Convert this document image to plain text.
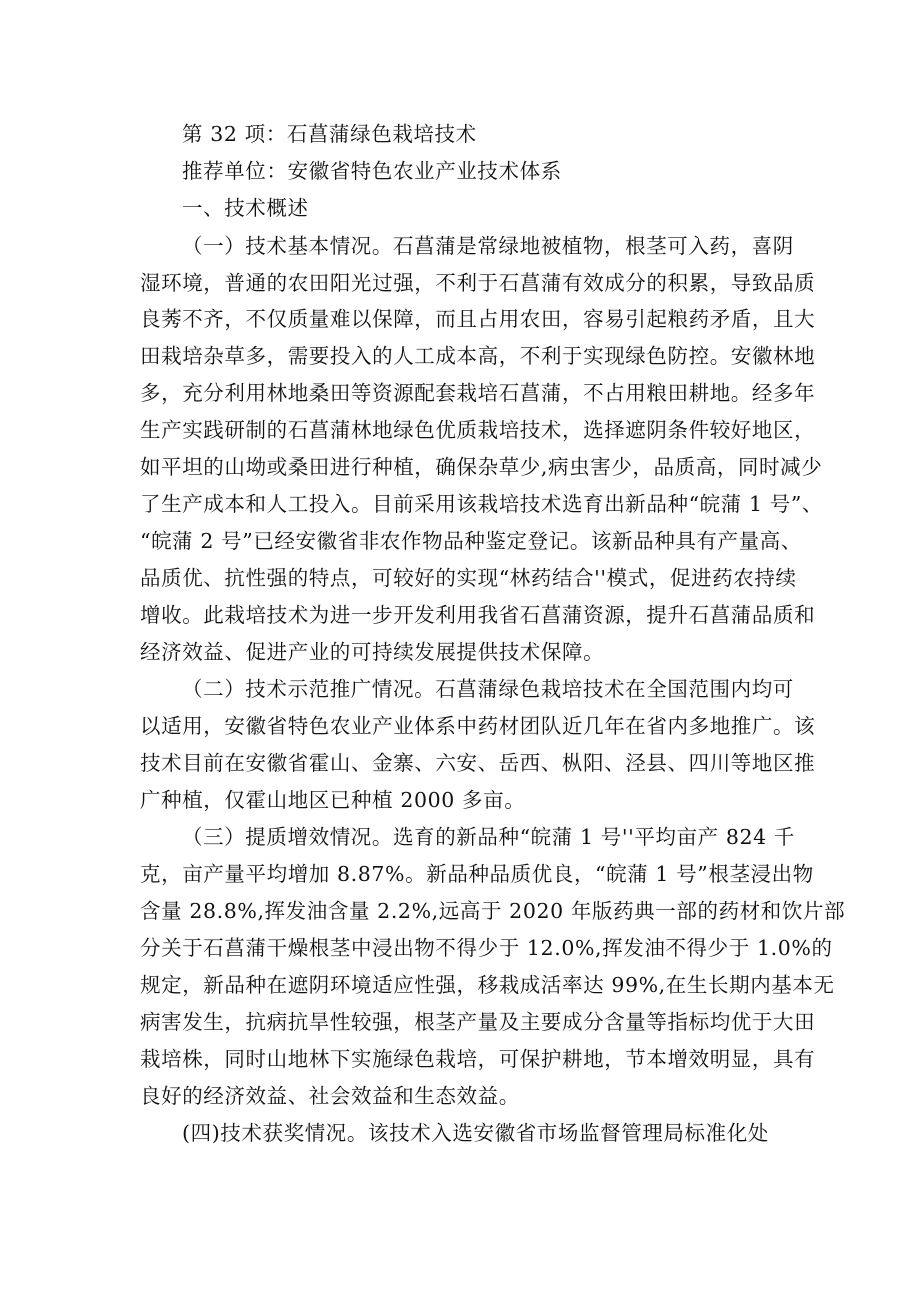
第 32 项：石菖蒲绿色栽培技术
推荐单位：安徽省特色农业产业技术体系
一、技术概述
（一）技术基本情况。石菖蒲是常绿地被植物，根茎可入药，喜阴
湿环境，普通的农田阳光过强，不利于石菖蒲有效成分的积累，导致品质
良莠不齐，不仅质量难以保障，而且占用农田，容易引起粮药矛盾，且大
田栽培杂草多，需要投入的人工成本高，不利于实现绿色防控。安徽林地
多，充分利用林地桑田等资源配套栽培石菖蒲，不占用粮田耕地。经多年
生产实践研制的石菖蒲林地绿色优质栽培技术，选择遮阴条件较好地区，
如平坦的山坳或桑田进行种植，确保杂草少,病虫害少，品质高，同时减少
了生产成本和人工投入。目前采用该栽培技术选育出新品种“皖蒲 1 号”、
“皖蒲 2 号”已经安徽省非农作物品种鉴定登记。该新品种具有产量高、
品质优、抗性强的特点，可较好的实现“林药结合''模式，促进药农持续
增收。此栽培技术为进一步开发利用我省石菖蒲资源，提升石菖蒲品质和
经济效益、促进产业的可持续发展提供技术保障。
（二）技术示范推广情况。石菖蒲绿色栽培技术在全国范围内均可
以适用，安徽省特色农业产业体系中药材团队近几年在省内多地推广。该
技术目前在安徽省霍山、金寨、六安、岳西、枞阳、泾县、四川等地区推
广种植，仅霍山地区已种植 2000 多亩。
（三）提质增效情况。选育的新品种“皖蒲 1 号''平均亩产 824 千
克，亩产量平均增加 8.87%。新品种品质优良，“皖蒲 1 号”根茎浸出物
含量 28.8%,挥发油含量 2.2%,远高于 2020 年版药典一部的药材和饮片部
分关于石菖蒲干燥根茎中浸出物不得少于 12.0%,挥发油不得少于 1.0%的
规定，新品种在遮阴环境适应性强，移栽成活率达 99%,在生长期内基本无
病害发生，抗病抗旱性较强，根茎产量及主要成分含量等指标均优于大田
栽培株，同时山地林下实施绿色栽培，可保护耕地，节本增效明显，具有
良好的经济效益、社会效益和生态效益。
(四)技术获奖情况。该技术入选安徽省市场监督管理局标准化处
